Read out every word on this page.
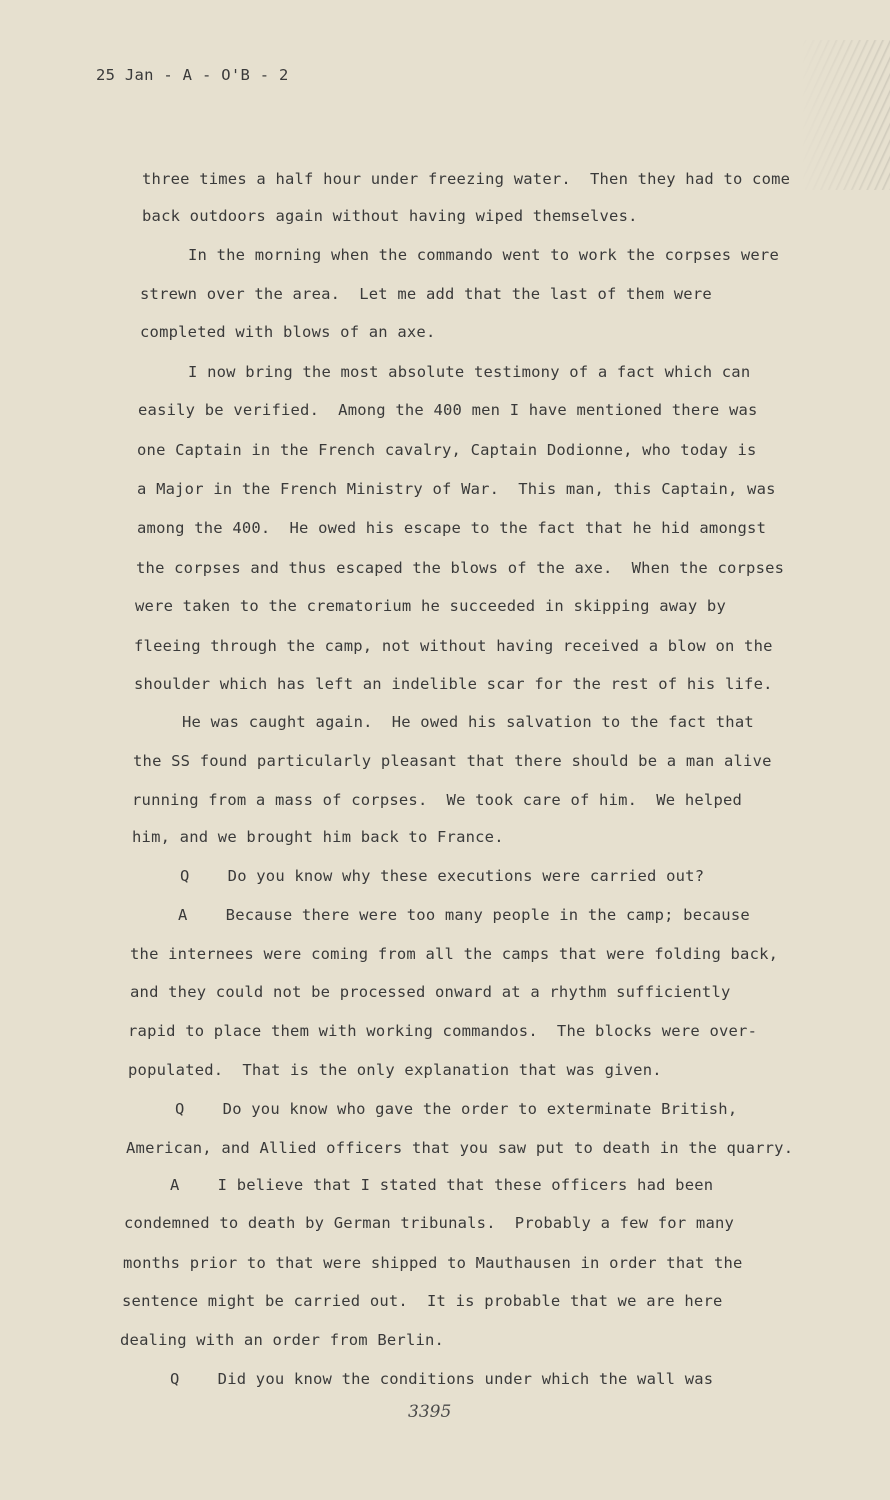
25 Jan - A - O'B - 2
three times a half hour under freezing water.  Then they had to come
back outdoors again without having wiped themselves.
In the morning when the commando went to work the corpses were
strewn over the area.  Let me add that the last of them were
completed with blows of an axe.
I now bring the most absolute testimony of a fact which can
easily be verified.  Among the 400 men I have mentioned there was
one Captain in the French cavalry, Captain Dodionne, who today is
a Major in the French Ministry of War.  This man, this Captain, was
among the 400.  He owed his escape to the fact that he hid amongst
the corpses and thus escaped the blows of the axe.  When the corpses
were taken to the crematorium he succeeded in skipping away by
fleeing through the camp, not without having received a blow on the
shoulder which has left an indelible scar for the rest of his life.
He was caught again.  He owed his salvation to the fact that
the SS found particularly pleasant that there should be a man alive
running from a mass of corpses.  We took care of him.  We helped
him, and we brought him back to France.
Q    Do you know why these executions were carried out?
A    Because there were too many people in the camp; because
the internees were coming from all the camps that were folding back,
and they could not be processed onward at a rhythm sufficiently
rapid to place them with working commandos.  The blocks were over-
populated.  That is the only explanation that was given.
Q    Do you know who gave the order to exterminate British,
American, and Allied officers that you saw put to death in the quarry.
A    I believe that I stated that these officers had been
condemned to death by German tribunals.  Probably a few for many
months prior to that were shipped to Mauthausen in order that the
sentence might be carried out.  It is probable that we are here
dealing with an order from Berlin.
Q    Did you know the conditions under which the wall was
3395
